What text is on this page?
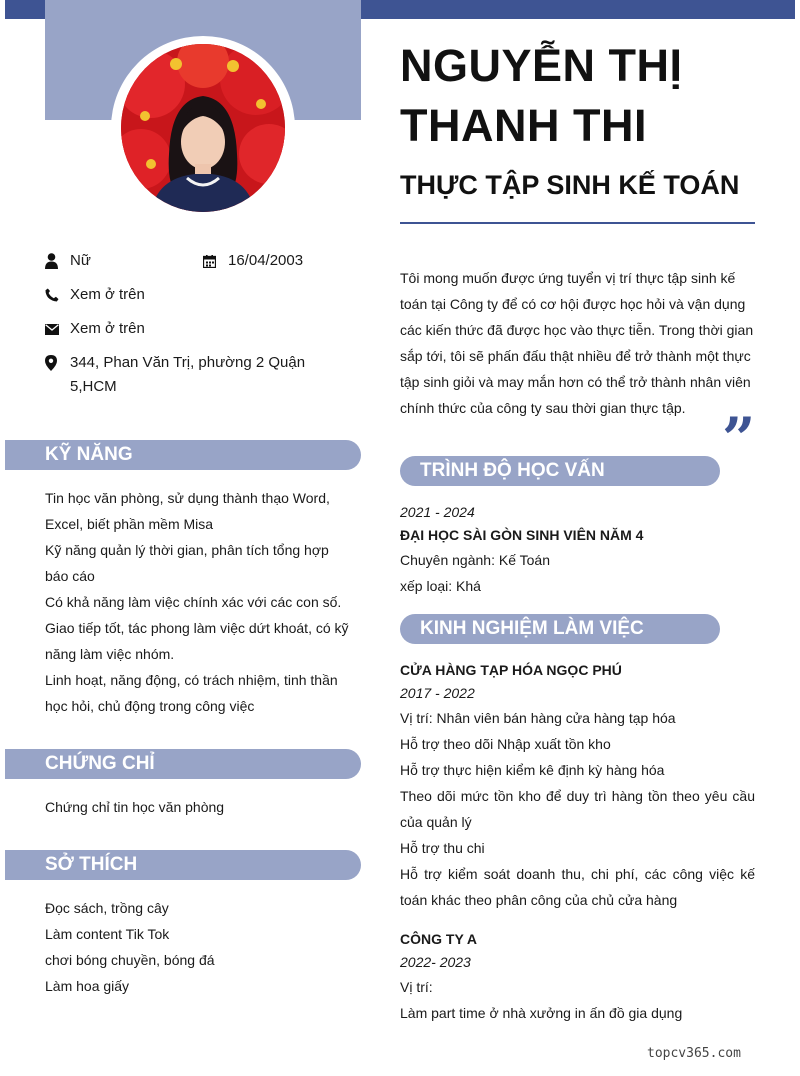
NGUYỄN THỊ THANH THI
THỰC TẬP SINH KẾ TOÁN
Nữ	16/04/2003
Xem ở trên
Xem ở trên
344, Phan Văn Trị, phường 2 Quận 5,HCM
KỸ NĂNG
Tin học văn phòng, sử dụng thành thạo Word, Excel, biết phần mềm Misa
Kỹ năng quản lý thời gian, phân tích tổng hợp báo cáo
Có khả năng làm việc chính xác với các con số.
Giao tiếp tốt, tác phong làm việc dứt khoát, có kỹ năng làm việc nhóm.
Linh hoạt, năng động, có trách nhiệm, tinh thần học hỏi, chủ động trong công việc
CHỨNG CHỈ
Chứng chỉ tin học văn phòng
SỞ THÍCH
Đọc sách, trồng cây
Làm content Tik Tok
chơi bóng chuyền, bóng đá
Làm hoa giấy
Tôi mong muốn được ứng tuyển vị trí thực tập sinh kế toán tại Công ty để có cơ hội được học hỏi và vận dụng các kiến thức đã được học vào thực tiễn. Trong thời gian sắp tới, tôi sẽ phấn đấu thật nhiều để trở thành một thực tập sinh giỏi và may mắn hơn có thể trở thành nhân viên chính thức của công ty sau thời gian thực tập. ”
TRÌNH ĐỘ HỌC VẤN
2021 - 2024
ĐẠI HỌC SÀI GÒN SINH VIÊN NĂM 4
Chuyên ngành: Kế Toán
xếp loại: Khá
KINH NGHIỆM LÀM VIỆC
CỬA HÀNG TẠP HÓA NGỌC PHÚ
2017 - 2022
Vị trí: Nhân viên bán hàng cửa hàng tạp hóa
Hỗ trợ theo dõi Nhập xuất tồn kho
Hỗ trợ thực hiện kiểm kê định kỳ hàng hóa
Theo dõi mức tồn kho để duy trì hàng tồn theo yêu cầu của quản lý
Hỗ trợ thu chi
Hỗ trợ kiểm soát doanh thu, chi phí, các công việc kế toán khác theo phân công của chủ cửa hàng
CÔNG TY A
2022- 2023
Vị trí:
Làm part time ở nhà xưởng in ấn đồ gia dụng
topcv365.com
